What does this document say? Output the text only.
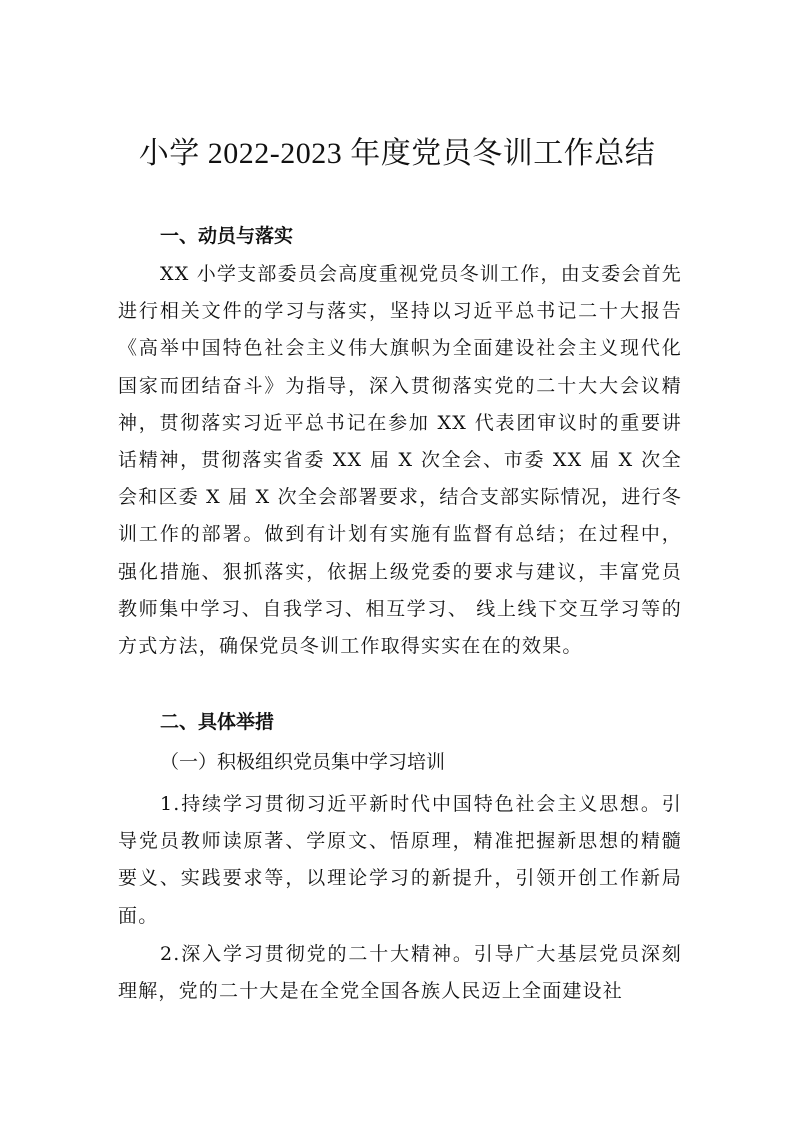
小学 2022-2023 年度党员冬训工作总结
一、动员与落实
XX 小学支部委员会高度重视党员冬训工作，由支委会首先进行相关文件的学习与落实，坚持以习近平总书记二十大报告《高举中国特色社会主义伟大旗帜为全面建设社会主义现代化国家而团结奋斗》为指导，深入贯彻落实党的二十大大会议精神，贯彻落实习近平总书记在参加 XX 代表团审议时的重要讲话精神，贯彻落实省委 XX 届 X 次全会、市委 XX 届 X 次全会和区委 X 届 X 次全会部署要求，结合支部实际情况，进行冬训工作的部署。做到有计划有实施有监督有总结；在过程中，强化措施、狠抓落实，依据上级党委的要求与建议，丰富党员教师集中学习、自我学习、相互学习、 线上线下交互学习等的方式方法，确保党员冬训工作取得实实在在的效果。
二、具体举措
（一）积极组织党员集中学习培训
1.持续学习贯彻习近平新时代中国特色社会主义思想。引导党员教师读原著、学原文、悟原理，精准把握新思想的精髓要义、实践要求等，以理论学习的新提升，引领开创工作新局面。
2.深入学习贯彻党的二十大精神。引导广大基层党员深刻理解，党的二十大是在全党全国各族人民迈上全面建设社
